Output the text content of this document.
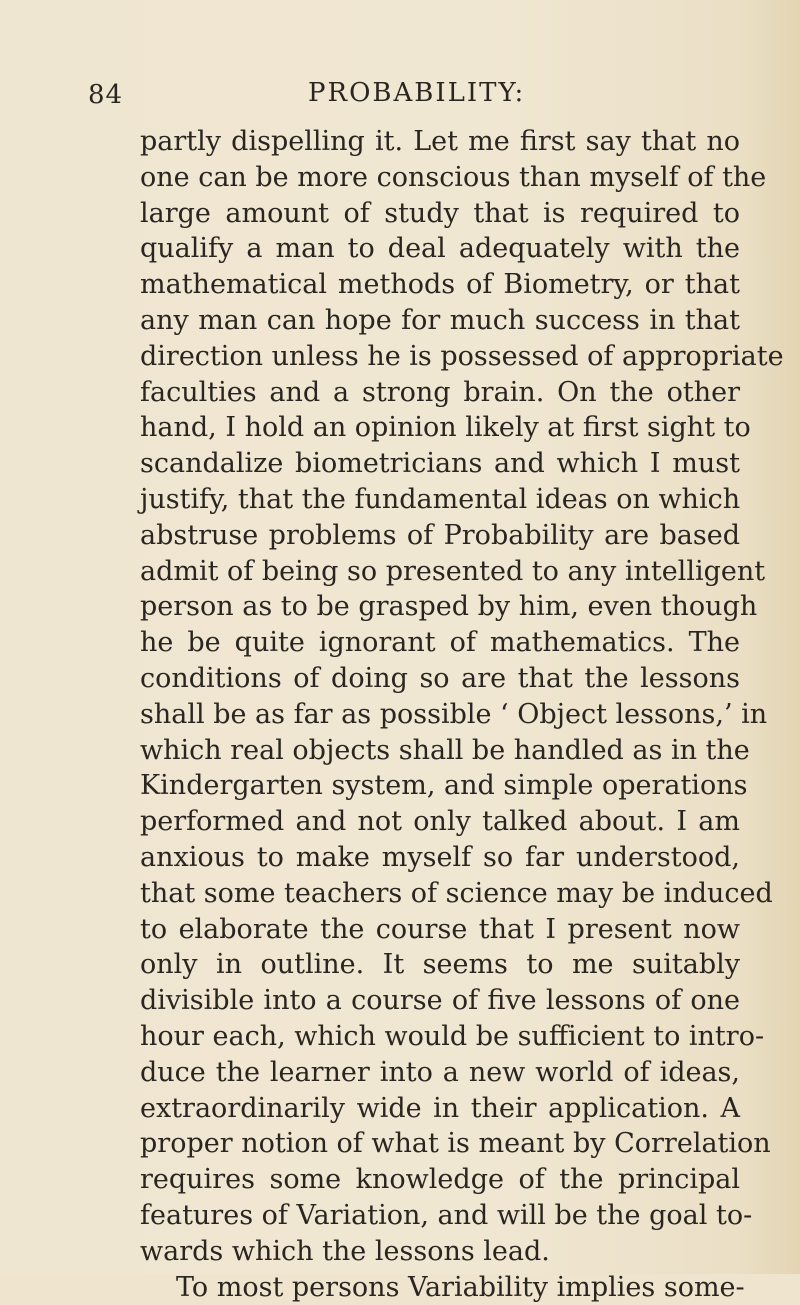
84	PROBABILITY:
partly dispelling it. Let me first say that no
one can be more conscious than myself of the
large amount of study that is required to
qualify a man to deal adequately with the
mathematical methods of Biometry, or that
any man can hope for much success in that
direction unless he is possessed of appropriate
faculties and a strong brain. On the other
hand, I hold an opinion likely at first sight to
scandalize biometricians and which I must
justify, that the fundamental ideas on which
abstruse problems of Probability are based
admit of being so presented to any intelligent
person as to be grasped by him, even though
he be quite ignorant of mathematics. The
conditions of doing so are that the lessons
shall be as far as possible ‘ Object lessons,’ in
which real objects shall be handled as in the
Kindergarten system, and simple operations
performed and not only talked about. I am
anxious to make myself so far understood,
that some teachers of science may be induced
to elaborate the course that I present now
only in outline. It seems to me suitably
divisible into a course of five lessons of one
hour each, which would be sufficient to intro-
duce the learner into a new world of ideas,
extraordinarily wide in their application. A
proper notion of what is meant by Correlation
requires some knowledge of the principal
features of Variation, and will be the goal to-
wards which the lessons lead.
To most persons Variability implies some-
